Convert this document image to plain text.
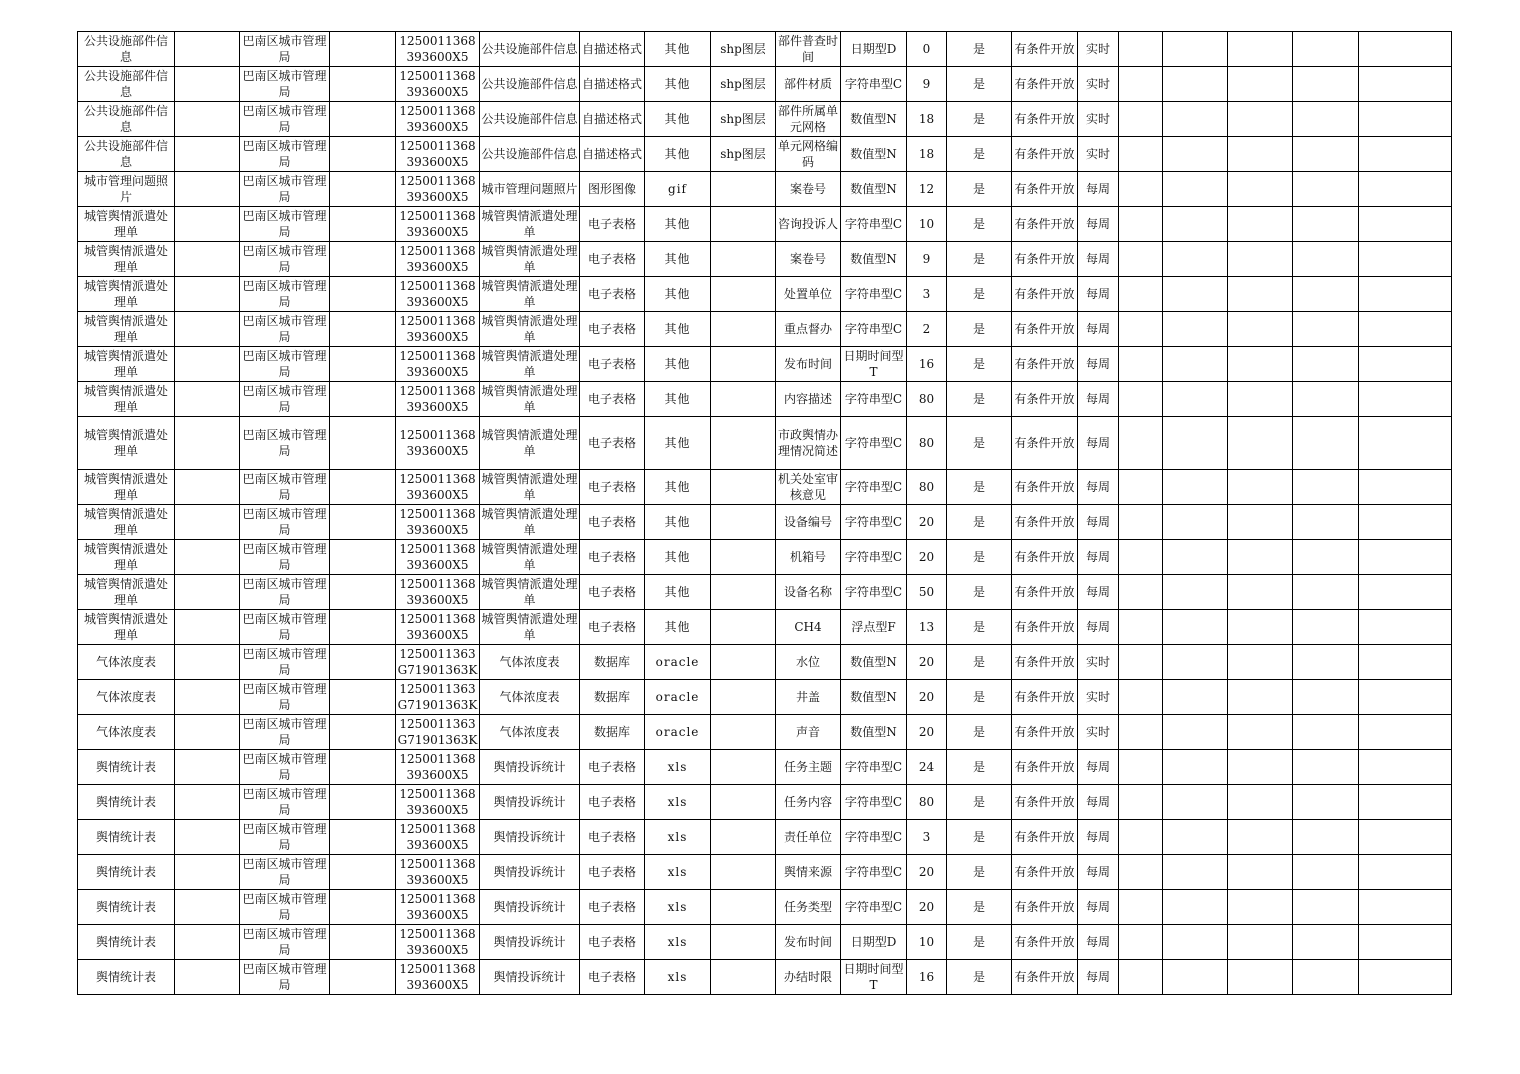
公共设施部件信息		巴南区城市管理局		1250011368393600X5	公共设施部件信息	自描述格式	其他	shp图层	部件普查时间	日期型D	0	是	有条件开放	实时					
公共设施部件信息		巴南区城市管理局		1250011368393600X5	公共设施部件信息	自描述格式	其他	shp图层	部件材质	字符串型C	9	是	有条件开放	实时					
公共设施部件信息		巴南区城市管理局		1250011368393600X5	公共设施部件信息	自描述格式	其他	shp图层	部件所属单元网格	数值型N	18	是	有条件开放	实时					
公共设施部件信息		巴南区城市管理局		1250011368393600X5	公共设施部件信息	自描述格式	其他	shp图层	单元网格编码	数值型N	18	是	有条件开放	实时					
城市管理问题照片		巴南区城市管理局		1250011368393600X5	城市管理问题照片	图形图像	gif		案卷号	数值型N	12	是	有条件开放	每周					
城管舆情派遣处理单		巴南区城市管理局		1250011368393600X5	城管舆情派遣处理单	电子表格	其他		咨询投诉人	字符串型C	10	是	有条件开放	每周					
城管舆情派遣处理单		巴南区城市管理局		1250011368393600X5	城管舆情派遣处理单	电子表格	其他		案卷号	数值型N	9	是	有条件开放	每周					
城管舆情派遣处理单		巴南区城市管理局		1250011368393600X5	城管舆情派遣处理单	电子表格	其他		处置单位	字符串型C	3	是	有条件开放	每周					
城管舆情派遣处理单		巴南区城市管理局		1250011368393600X5	城管舆情派遣处理单	电子表格	其他		重点督办	字符串型C	2	是	有条件开放	每周					
城管舆情派遣处理单		巴南区城市管理局		1250011368393600X5	城管舆情派遣处理单	电子表格	其他		发布时间	日期时间型T	16	是	有条件开放	每周					
城管舆情派遣处理单		巴南区城市管理局		1250011368393600X5	城管舆情派遣处理单	电子表格	其他		内容描述	字符串型C	80	是	有条件开放	每周					
城管舆情派遣处理单		巴南区城市管理局		1250011368393600X5	城管舆情派遣处理单	电子表格	其他		市政舆情办理情况简述	字符串型C	80	是	有条件开放	每周					
城管舆情派遣处理单		巴南区城市管理局		1250011368393600X5	城管舆情派遣处理单	电子表格	其他		机关处室审核意见	字符串型C	80	是	有条件开放	每周					
城管舆情派遣处理单		巴南区城市管理局		1250011368393600X5	城管舆情派遣处理单	电子表格	其他		设备编号	字符串型C	20	是	有条件开放	每周					
城管舆情派遣处理单		巴南区城市管理局		1250011368393600X5	城管舆情派遣处理单	电子表格	其他		机箱号	字符串型C	20	是	有条件开放	每周					
城管舆情派遣处理单		巴南区城市管理局		1250011368393600X5	城管舆情派遣处理单	电子表格	其他		设备名称	字符串型C	50	是	有条件开放	每周					
城管舆情派遣处理单		巴南区城市管理局		1250011368393600X5	城管舆情派遣处理单	电子表格	其他		CH4	浮点型F	13	是	有条件开放	每周					
气体浓度表		巴南区城市管理局		1250011363G71901363K	气体浓度表	数据库	oracle		水位	数值型N	20	是	有条件开放	实时					
气体浓度表		巴南区城市管理局		1250011363G71901363K	气体浓度表	数据库	oracle		井盖	数值型N	20	是	有条件开放	实时					
气体浓度表		巴南区城市管理局		1250011363G71901363K	气体浓度表	数据库	oracle		声音	数值型N	20	是	有条件开放	实时					
舆情统计表		巴南区城市管理局		1250011368393600X5	舆情投诉统计	电子表格	xls		任务主题	字符串型C	24	是	有条件开放	每周					
舆情统计表		巴南区城市管理局		1250011368393600X5	舆情投诉统计	电子表格	xls		任务内容	字符串型C	80	是	有条件开放	每周					
舆情统计表		巴南区城市管理局		1250011368393600X5	舆情投诉统计	电子表格	xls		责任单位	字符串型C	3	是	有条件开放	每周					
舆情统计表		巴南区城市管理局		1250011368393600X5	舆情投诉统计	电子表格	xls		舆情来源	字符串型C	20	是	有条件开放	每周					
舆情统计表		巴南区城市管理局		1250011368393600X5	舆情投诉统计	电子表格	xls		任务类型	字符串型C	20	是	有条件开放	每周					
舆情统计表		巴南区城市管理局		1250011368393600X5	舆情投诉统计	电子表格	xls		发布时间	日期型D	10	是	有条件开放	每周					
舆情统计表		巴南区城市管理局		1250011368393600X5	舆情投诉统计	电子表格	xls		办结时限	日期时间型T	16	是	有条件开放	每周					
